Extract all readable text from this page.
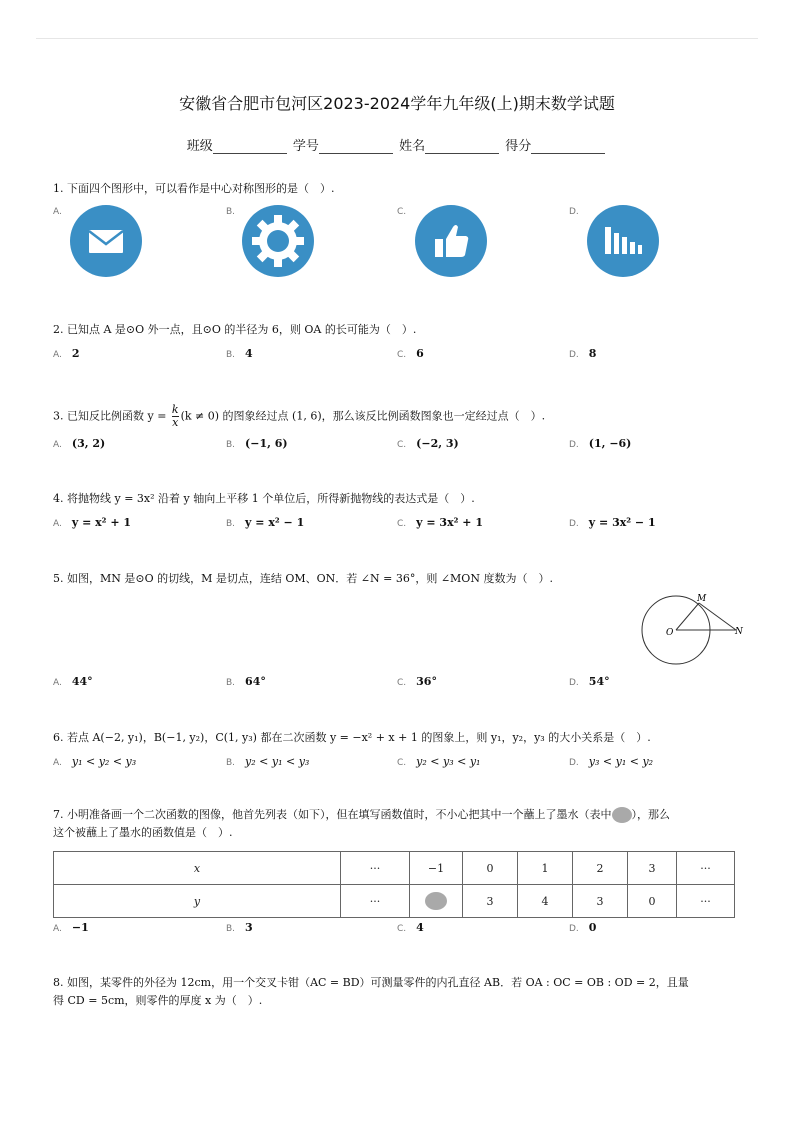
安徽省合肥市包河区2023-2024学年九年级(上)期末数学试题
班级	学号	姓名	得分
1. 下面四个图形中，可以看作是中心对称图形的是（　）.
A.	B.	C.	D.
2. 已知点 A 是⊙O 外一点，且⊙O 的半径为 6，则 OA 的长可能为（　）.
A. 2	B. 4	C. 6	D. 8
3. 已知反比例函数 $y = \frac{k}{x} (k \ne 0)$ 的图象经过点 (1, 6)，那么该反比例函数图象也一定经过点（　）.
A. (3, 2)	B. (−1, 6)	C. (−2, 3)	D. (1, −6)
4. 将抛物线 y = 3x² 沿着 y 轴向上平移 1 个单位后，所得新抛物线的表达式是（　）.
A. y = x² + 1	B. y = x² − 1	C. y = 3x² + 1	D. y = 3x² − 1
5. 如图，MN 是⊙O 的切线，M 是切点，连结 OM、ON．若 ∠N = 36°，则 ∠MON 度数为（　）.
M
O	N
A. 44°	B. 64°	C. 36°	D. 54°
6. 若点 A(−2, y₁)，B(−1, y₂)，C(1, y₃) 都在二次函数 y = −x² + x + 1 的图象上，则 y₁，y₂，y₃ 的大小关系是（　）.
A. y₁ < y₂ < y₃	B. y₂ < y₁ < y₃	C. y₂ < y₃ < y₁	D. y₃ < y₁ < y₂
7. 小明准备画一个二次函数的图像，他首先列表（如下），但在填写函数值时，不小心把其中一个蘸上了墨水（表中 ），那么
这个被蘸上了墨水的函数值是（　）.
x	···	−1	0	1	2	3	···
y	···		3	4	3	0	···
A. −1	B. 3	C. 4	D. 0
8. 如图，某零件的外径为 12cm，用一个交叉卡钳（AC = BD）可测量零件的内孔直径 AB．若 OA : OC = OB : OD = 2，且量
得 CD = 5cm，则零件的厚度 x 为（　）.
